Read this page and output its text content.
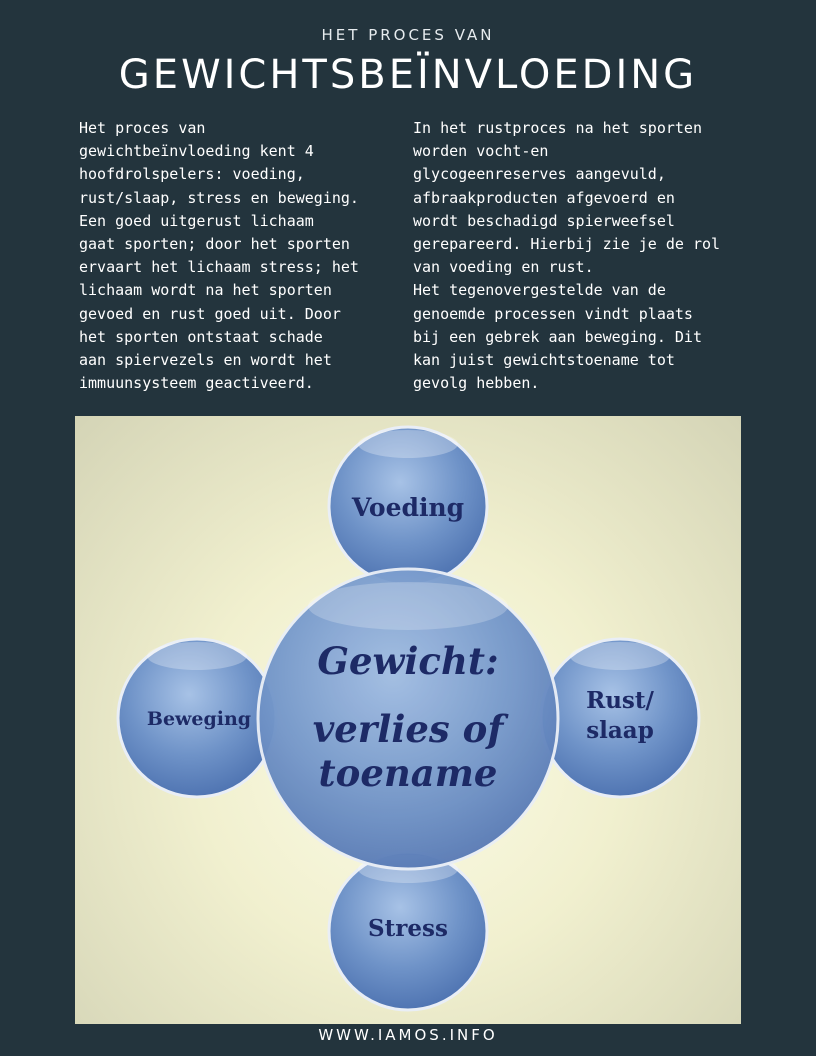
HET PROCES VAN
GEWICHTSBEÏNVLOEDING
Het proces van
gewichtbeïnvloeding kent 4
hoofdrolspelers: voeding,
rust/slaap, stress en beweging.
Een goed uitgerust lichaam
gaat sporten; door het sporten
ervaart het lichaam stress; het
lichaam wordt na het sporten
gevoed en rust goed uit. Door
het sporten ontstaat schade
aan spiervezels en wordt het
immuunsysteem geactiveerd.
In het rustproces na het sporten
worden vocht-en
glycogeenreserves aangevuld,
afbraakproducten afgevoerd en
wordt beschadigd spierweefsel
gerepareerd. Hierbij zie je de rol
van voeding en rust.
Het tegenovergestelde van de
genoemde processen vindt plaats
bij een gebrek aan beweging. Dit
kan juist gewichtstoename tot
gevolg hebben.
Voeding
Beweging
Rust/
slaap
Stress
Gewicht:
verlies of
toename
WWW.IAMOS.INFO
